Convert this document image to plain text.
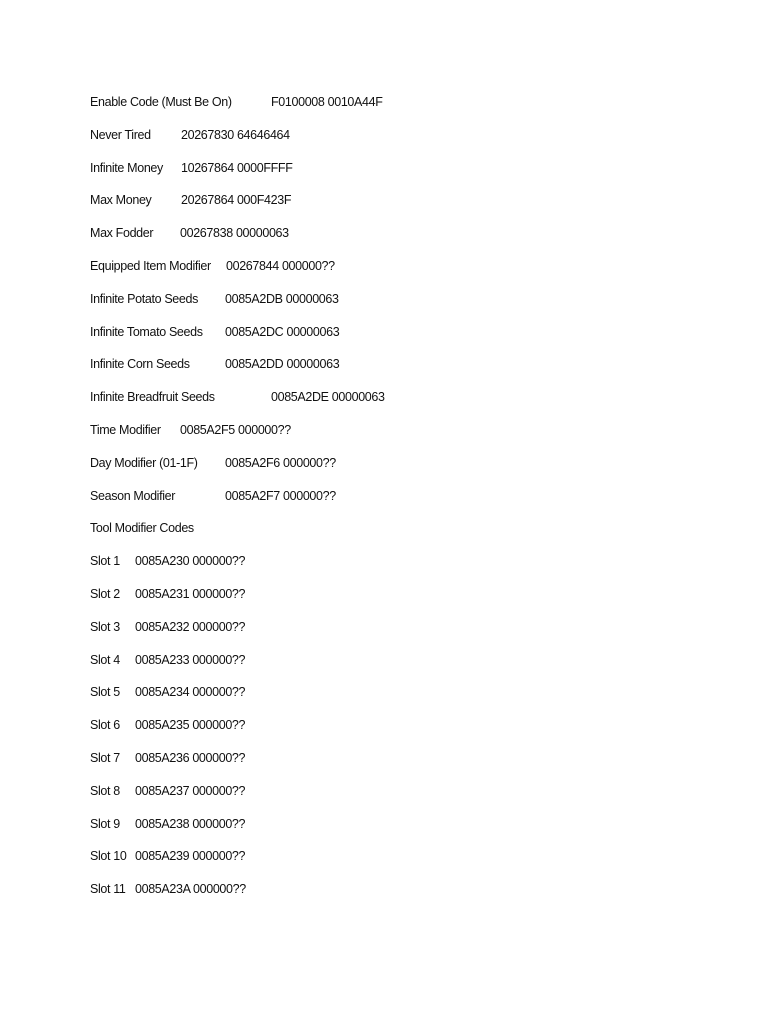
Enable Code (Must Be On)	F0100008 0010A44F
Never Tired 20267830 64646464
Infinite Money 10267864 0000FFFF
Max Money 20267864 000F423F
Max Fodder 00267838 00000063
Equipped Item Modifier 00267844 000000??
Infinite Potato Seeds 0085A2DB 00000063
Infinite Tomato Seeds 0085A2DC 00000063
Infinite Corn Seeds	0085A2DD 00000063
Infinite Breadfruit Seeds	0085A2DE 00000063
Time Modifier 0085A2F5 000000??
Day Modifier (01-1F) 0085A2F6 000000??
Season Modifier	0085A2F7 000000??
Tool Modifier Codes
Slot 1 0085A230 000000??
Slot 2 0085A231 000000??
Slot 3 0085A232 000000??
Slot 4 0085A233 000000??
Slot 5 0085A234 000000??
Slot 6 0085A235 000000??
Slot 7 0085A236 000000??
Slot 8 0085A237 000000??
Slot 9 0085A238 000000??
Slot 10 0085A239 000000??
Slot 11 0085A23A 000000??
